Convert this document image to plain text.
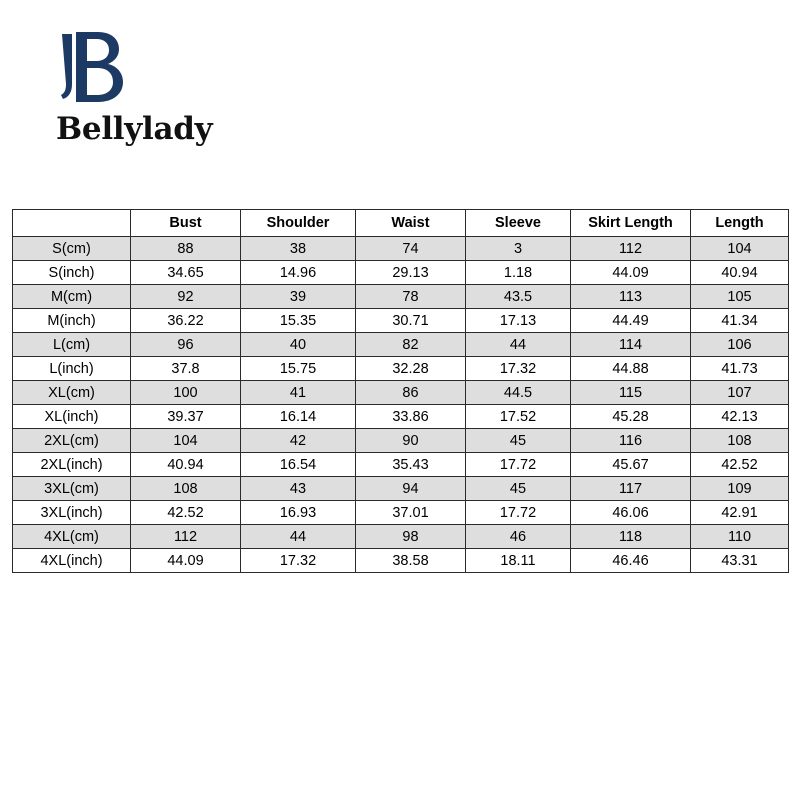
Bellylady
	Bust	Shoulder	Waist	Sleeve	Skirt Length	Length
S(cm)	88	38	74	3	112	104
S(inch)	34.65	14.96	29.13	1.18	44.09	40.94
M(cm)	92	39	78	43.5	113	105
M(inch)	36.22	15.35	30.71	17.13	44.49	41.34
L(cm)	96	40	82	44	114	106
L(inch)	37.8	15.75	32.28	17.32	44.88	41.73
XL(cm)	100	41	86	44.5	115	107
XL(inch)	39.37	16.14	33.86	17.52	45.28	42.13
2XL(cm)	104	42	90	45	116	108
2XL(inch)	40.94	16.54	35.43	17.72	45.67	42.52
3XL(cm)	108	43	94	45	117	109
3XL(inch)	42.52	16.93	37.01	17.72	46.06	42.91
4XL(cm)	112	44	98	46	118	110
4XL(inch)	44.09	17.32	38.58	18.11	46.46	43.31
